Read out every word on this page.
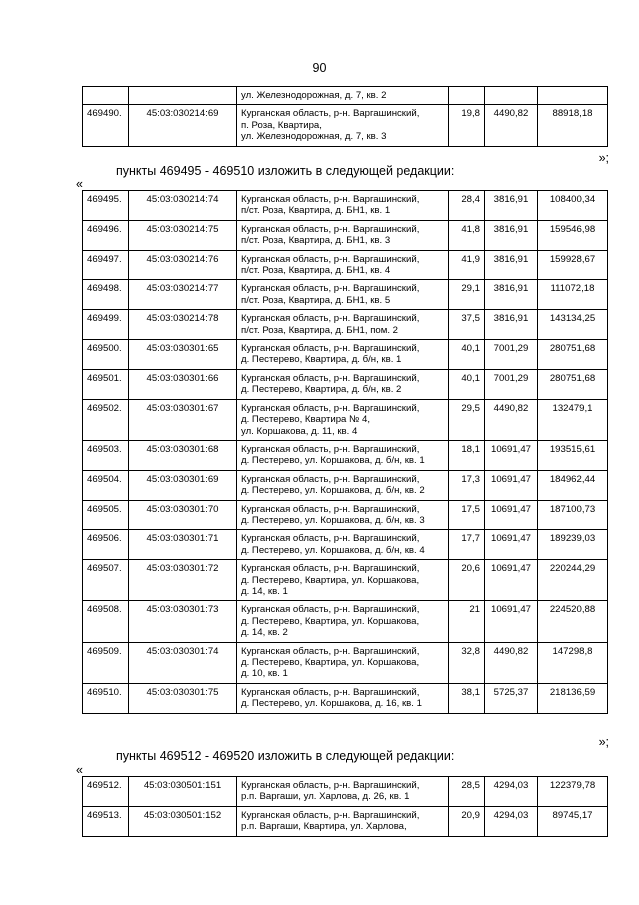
90

		ул. Железнодорожная, д. 7, кв. 2			

469490.	45:03:030214:69	Курганская область, р-н. Варгашинский,
п. Роза, Квартира,
ул. Железнодорожная, д. 7, кв. 3	19,8	4490,82	88918,18
»;
пункты 469495 - 469510 изложить в следующей редакции:
«
469495.	45:03:030214:74	Курганская область, р-н. Варгашинский,
п/ст. Роза, Квартира, д. БН1, кв. 1	28,4	3816,91	108400,34
469496.	45:03:030214:75	Курганская область, р-н. Варгашинский,
п/ст. Роза, Квартира, д. БН1, кв. 3	41,8	3816,91	159546,98
469497.	45:03:030214:76	Курганская область, р-н. Варгашинский,
п/ст. Роза, Квартира, д. БН1, кв. 4	41,9	3816,91	159928,67
469498.	45:03:030214:77	Курганская область, р-н. Варгашинский,
п/ст. Роза, Квартира, д. БН1, кв. 5	29,1	3816,91	111072,18
469499.	45:03:030214:78	Курганская область, р-н. Варгашинский,
п/ст. Роза, Квартира, д. БН1, пом. 2	37,5	3816,91	143134,25
469500.	45:03:030301:65	Курганская область, р-н. Варгашинский,
д. Пестерево, Квартира, д. б/н, кв. 1	40,1	7001,29	280751,68
469501.	45:03:030301:66	Курганская область, р-н. Варгашинский,
д. Пестерево, Квартира, д. б/н, кв. 2	40,1	7001,29	280751,68
469502.	45:03:030301:67	Курганская область, р-н. Варгашинский,
д. Пестерево, Квартира № 4,
ул. Коршакова, д. 11, кв. 4	29,5	4490,82	132479,1
469503.	45:03:030301:68	Курганская область, р-н. Варгашинский,
д. Пестерево, ул. Коршакова, д. б/н, кв. 1	18,1	10691,47	193515,61
469504.	45:03:030301:69	Курганская область, р-н. Варгашинский,
д. Пестерево, ул. Коршакова, д. б/н, кв. 2	17,3	10691,47	184962,44
469505.	45:03:030301:70	Курганская область, р-н. Варгашинский,
д. Пестерево, ул. Коршакова, д. б/н, кв. 3	17,5	10691,47	187100,73
469506.	45:03:030301:71	Курганская область, р-н. Варгашинский,
д. Пестерево, ул. Коршакова, д. б/н, кв. 4	17,7	10691,47	189239,03
469507.	45:03:030301:72	Курганская область, р-н. Варгашинский,
д. Пестерево, Квартира, ул. Коршакова,
д. 14, кв. 1	20,6	10691,47	220244,29
469508.	45:03:030301:73	Курганская область, р-н. Варгашинский,
д. Пестерево, Квартира, ул. Коршакова,
д. 14, кв. 2	21	10691,47	224520,88
469509.	45:03:030301:74	Курганская область, р-н. Варгашинский,
д. Пестерево, Квартира, ул. Коршакова,
д. 10, кв. 1	32,8	4490,82	147298,8
469510.	45:03:030301:75	Курганская область, р-н. Варгашинский,
д. Пестерево, ул. Коршакова, д. 16, кв. 1	38,1	5725,37	218136,59
»;
пункты 469512 - 469520 изложить в следующей редакции:
«
469512.	45:03:030501:151	Курганская область, р-н. Варгашинский,
р.п. Варгаши, ул. Харлова, д. 26, кв. 1	28,5	4294,03	122379,78
469513.	45:03:030501:152	Курганская область, р-н. Варгашинский,
р.п. Варгаши, Квартира, ул. Харлова,	20,9	4294,03	89745,17
